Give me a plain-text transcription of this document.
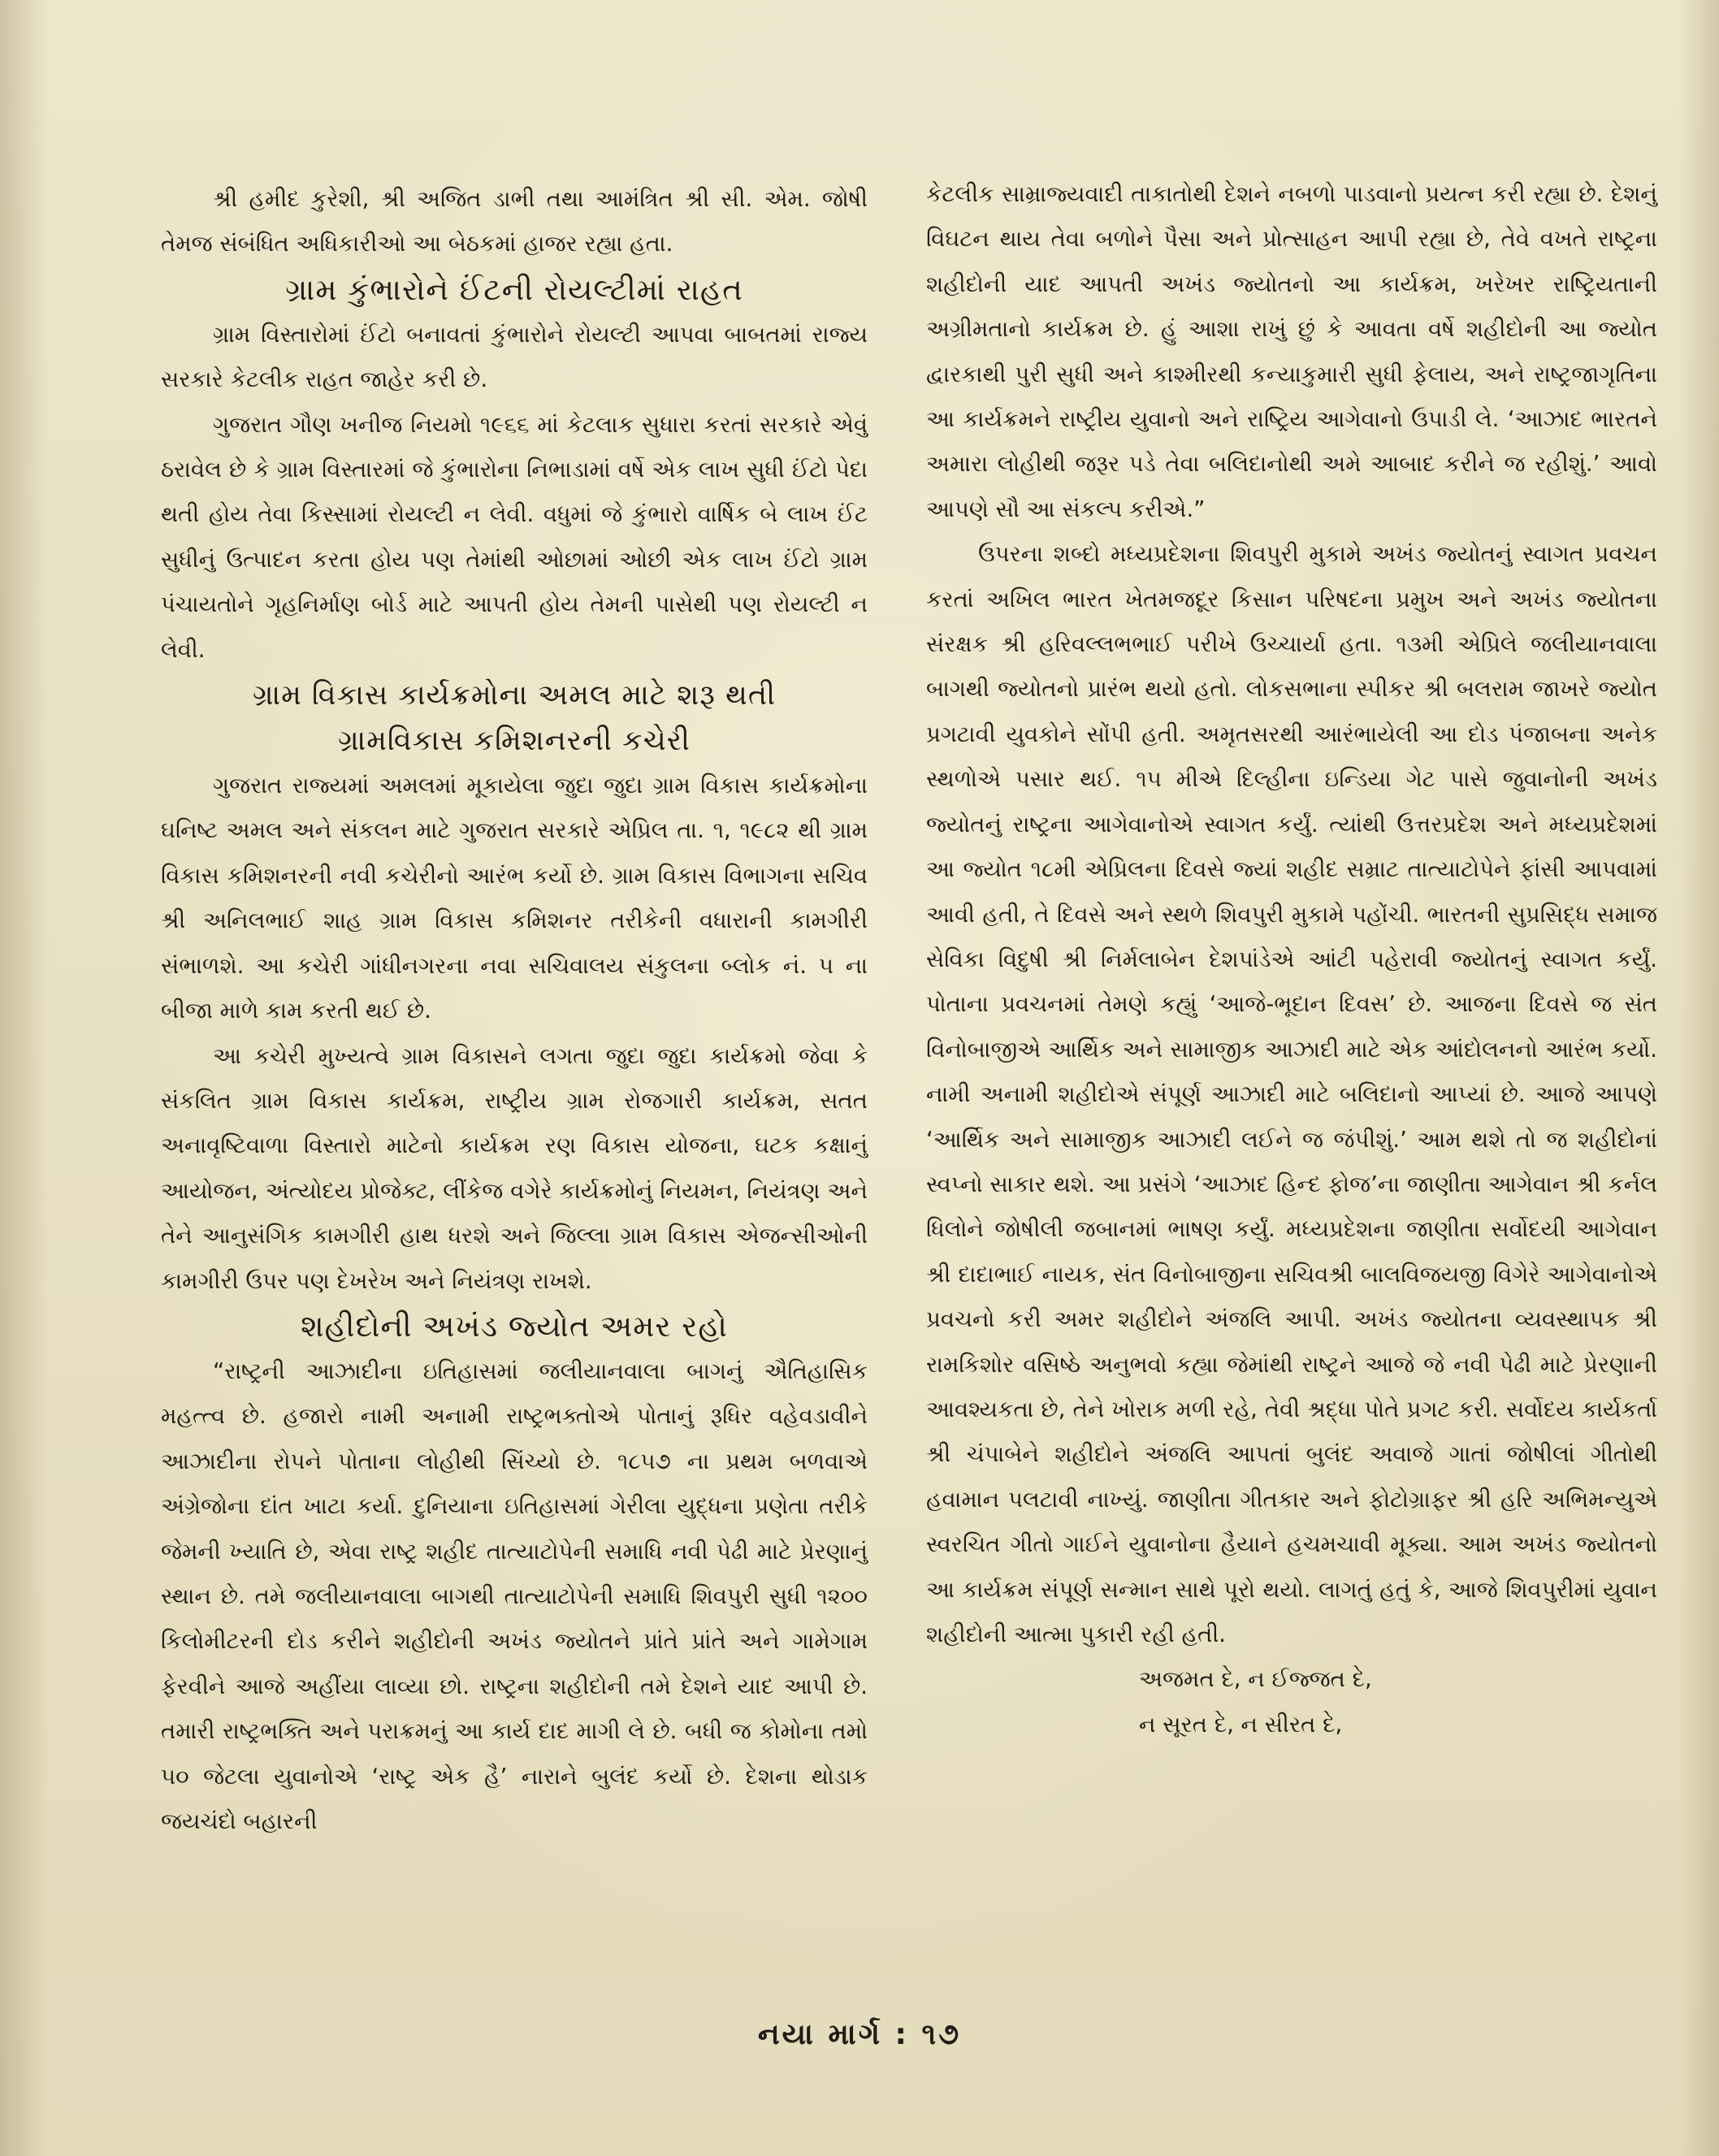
શ્રી હમીદ કુરેશી, શ્રી અજિત ડાભી તથા આમંત્રિત શ્રી સી. એમ. જોષી તેમજ સંબંધિત અધિકારીઓ આ બેઠકમાં હાજર રહ્યા હતા.

ગ્રામ કુંભારોને ઈંટની રોયલ્ટીમાં રાહત

ગ્રામ વિસ્તારોમાં ઈંટો બનાવતાં કુંભારોને રોયલ્ટી આપવા બાબતમાં રાજ્ય સરકારે કેટલીક રાહત જાહેર કરી છે.

ગુજરાત ગૌણ ખનીજ નિયમો ૧૯૬૬ માં કેટલાક સુધારા કરતાં સરકારે એવું ઠરાવેલ છે કે ગ્રામ વિસ્તારમાં જે કુંભારોના નિભાડામાં વર્ષે એક લાખ સુધી ઈંટો પેદા થતી હોય તેવા કિસ્સામાં રોયલ્ટી ન લેવી. વધુમાં જે કુંભારો વાર્ષિક બે લાખ ઈંટ સુધીનું ઉત્પાદન કરતા હોય પણ તેમાંથી ઓછામાં ઓછી એક લાખ ઈંટો ગ્રામ પંચાયતોને ગૃહનિર્માણ બોર્ડ માટે આપતી હોય તેમની પાસેથી પણ રોયલ્ટી ન લેવી.

ગ્રામ વિકાસ કાર્યક્રમોના અમલ માટે શરૂ થતી
ગ્રામવિકાસ કમિશનરની કચેરી

ગુજરાત રાજ્યમાં અમલમાં મૂકાયેલા જુદા જુદા ગ્રામ વિકાસ કાર્યક્રમોના ઘનિષ્ટ અમલ અને સંકલન માટે ગુજરાત સરકારે એપ્રિલ તા. ૧, ૧૯૮૨ થી ગ્રામ વિકાસ કમિશનરની નવી કચેરીનો આરંભ કર્યો છે. ગ્રામ વિકાસ વિભાગના સચિવ શ્રી અનિલભાઈ શાહ ગ્રામ વિકાસ કમિશનર તરીકેની વધારાની કામગીરી સંભાળશે. આ કચેરી ગાંધીનગરના નવા સચિવાલય સંકુલના બ્લોક નં. ૫ ના બીજા માળે કામ કરતી થઈ છે.

આ કચેરી મુખ્યત્વે ગ્રામ વિકાસને લગતા જુદા જુદા કાર્યક્રમો જેવા કે સંકલિત ગ્રામ વિકાસ કાર્યક્રમ, રાષ્ટ્રીય ગ્રામ રોજગારી કાર્યક્રમ, સતત અનાવૃષ્ટિવાળા વિસ્તારો માટેનો કાર્યક્રમ રણ વિકાસ યોજના, ઘટક કક્ષાનું આયોજન, અંત્યોદય પ્રોજેક્ટ, લીંકેજ વગેરે કાર્યક્રમોનું નિયમન, નિયંત્રણ અને તેને આનુસંગિક કામગીરી હાથ ધરશે અને જિલ્લા ગ્રામ વિકાસ એજન્સીઓની કામગીરી ઉપર પણ દેખરેખ અને નિયંત્રણ રાખશે.

શહીદોની અખંડ જ્યોત અમર રહો

“રાષ્ટ્રની આઝાદીના ઇતિહાસમાં જલીયાનવાલા બાગનું ઐતિહાસિક મહત્ત્વ છે. હજારો નામી અનામી રાષ્ટ્રભક્તોએ પોતાનું રૂધિર વહેવડાવીને આઝાદીના રોપને પોતાના લોહીથી સિંચ્યો છે. ૧૮૫૭ ના પ્રથમ બળવાએ અંગ્રેજોના દાંત ખાટા કર્યા. દુનિયાના ઇતિહાસમાં ગેરીલા યુદ્ધના પ્રણેતા તરીકે જેમની ખ્યાતિ છે, એવા રાષ્ટ્ર શહીદ તાત્યાટોપેની સમાધિ નવી પેઢી માટે પ્રેરણાનું સ્થાન છે. તમે જલીયાનવાલા બાગથી તાત્યાટોપેની સમાધિ શિવપુરી સુધી ૧૨૦૦ કિલોમીટરની દોડ કરીને શહીદોની અખંડ જ્યોતને પ્રાંતે પ્રાંતે અને ગામેગામ ફેરવીને આજે અહીંયા લાવ્યા છો. રાષ્ટ્રના શહીદોની તમે દેશને યાદ આપી છે. તમારી રાષ્ટ્રભક્તિ અને પરાક્રમનું આ કાર્ય દાદ માગી લે છે. બધી જ કોમોના તમો ૫૦ જેટલા યુવાનોએ ‘રાષ્ટ્ર એક હૈ’ નારાને બુલંદ કર્યો છે. દેશના થોડાક જયચંદો બહારની

કેટલીક સામ્રાજ્યવાદી તાકાતોથી દેશને નબળો પાડવાનો પ્રયત્ન કરી રહ્યા છે. દેશનું વિઘટન થાય તેવા બળોને પૈસા અને પ્રોત્સાહન આપી રહ્યા છે, તેવે વખતે રાષ્ટ્રના શહીદોની યાદ આપતી અખંડ જ્યોતનો આ કાર્યક્રમ, ખરેખર રાષ્ટ્રિયતાની અગ્રીમતાનો કાર્યક્રમ છે. હું આશા રાખું છું કે આવતા વર્ષે શહીદોની આ જ્યોત દ્વારકાથી પુરી સુધી અને કાશ્મીરથી કન્યાકુમારી સુધી ફેલાય, અને રાષ્ટ્રજાગૃતિના આ કાર્યક્રમને રાષ્ટ્રીય યુવાનો અને રાષ્ટ્રિય આગેવાનો ઉપાડી લે. ‘આઝાદ ભારતને અમારા લોહીથી જરૂર પડે તેવા બલિદાનોથી અમે આબાદ કરીને જ રહીશું.’ આવો આપણે સૌ આ સંકલ્પ કરીએ.”

ઉપરના શબ્દો મધ્યપ્રદેશના શિવપુરી મુકામે અખંડ જ્યોતનું સ્વાગત પ્રવચન કરતાં અખિલ ભારત ખેતમજદૂર કિસાન પરિષદના પ્રમુખ અને અખંડ જ્યોતના સંરક્ષક શ્રી હરિવલ્લભભાઈ પરીખે ઉચ્ચાર્યા હતા. ૧૩મી એપ્રિલે જલીયાનવાલા બાગથી જ્યોતનો પ્રારંભ થયો હતો. લોકસભાના સ્પીકર શ્રી બલરામ જાખરે જ્યોત પ્રગટાવી યુવકોને સોંપી હતી. અમૃતસરથી આરંભાયેલી આ દોડ પંજાબના અનેક સ્થળોએ પસાર થઈ. ૧૫ મીએ દિલ્હીના ઇન્ડિયા ગેટ પાસે જુવાનોની અખંડ જ્યોતનું રાષ્ટ્રના આગેવાનોએ સ્વાગત કર્યું. ત્યાંથી ઉત્તરપ્રદેશ અને મધ્યપ્રદેશમાં આ જ્યોત ૧૮મી એપ્રિલના દિવસે જ્યાં શહીદ સમ્રાટ તાત્યાટોપેને ફાંસી આપવામાં આવી હતી, તે દિવસે અને સ્થળે શિવપુરી મુકામે પહોંચી. ભારતની સુપ્રસિદ્ધ સમાજ સેવિકા વિદુષી શ્રી નિર્મલાબેન દેશપાંડેએ આંટી પહેરાવી જ્યોતનું સ્વાગત કર્યું. પોતાના પ્રવચનમાં તેમણે કહ્યું ‘આજે-ભૂદાન દિવસ’ છે. આજના દિવસે જ સંત વિનોબાજીએ આર્થિક અને સામાજીક આઝાદી માટે એક આંદોલનનો આરંભ કર્યો. નામી અનામી શહીદોએ સંપૂર્ણ આઝાદી માટે બલિદાનો આપ્યાં છે. આજે આપણે ‘આર્થિક અને સામાજીક આઝાદી લઈને જ જંપીશું.’ આમ થશે તો જ શહીદોનાં સ્વપ્નો સાકાર થશે. આ પ્રસંગે ‘આઝાદ હિન્દ ફોજ’ના જાણીતા આગેવાન શ્રી કર્નલ ધિલોને જોષીલી જબાનમાં ભાષણ કર્યું. મધ્યપ્રદેશના જાણીતા સર્વોદયી આગેવાન શ્રી દાદાભાઈ નાયક, સંત વિનોબાજીના સચિવશ્રી બાલવિજયજી વિગેરે આગેવાનોએ પ્રવચનો કરી અમર શહીદોને અંજલિ આપી. અખંડ જ્યોતના વ્યવસ્થાપક શ્રી રામકિશોર વસિષ્ઠે અનુભવો કહ્યા જેમાંથી રાષ્ટ્રને આજે જે નવી પેઢી માટે પ્રેરણાની આવશ્યકતા છે, તેને ખોરાક મળી રહે, તેવી શ્રદ્ધા પોતે પ્રગટ કરી. સર્વોદય કાર્યકર્તા શ્રી ચંપાબેને શહીદોને અંજલિ આપતાં બુલંદ અવાજે ગાતાં જોષીલાં ગીતોથી હવામાન પલટાવી નાખ્યું. જાણીતા ગીતકાર અને ફોટોગ્રાફર શ્રી હરિ અભિમન્યુએ સ્વરચિત ગીતો ગાઈને યુવાનોના હૈયાને હચમચાવી મૂક્યા. આમ અખંડ જ્યોતનો આ કાર્યક્રમ સંપૂર્ણ સન્માન સાથે પૂરો થયો. લાગતું હતું કે, આજે શિવપુરીમાં યુવાન શહીદોની આત્મા પુકારી રહી હતી.

અજમત દે, ન ઈજ્જત દે,

ન સૂરત દે, ન સીરત દે,

નયા માર્ગ : ૧૭
